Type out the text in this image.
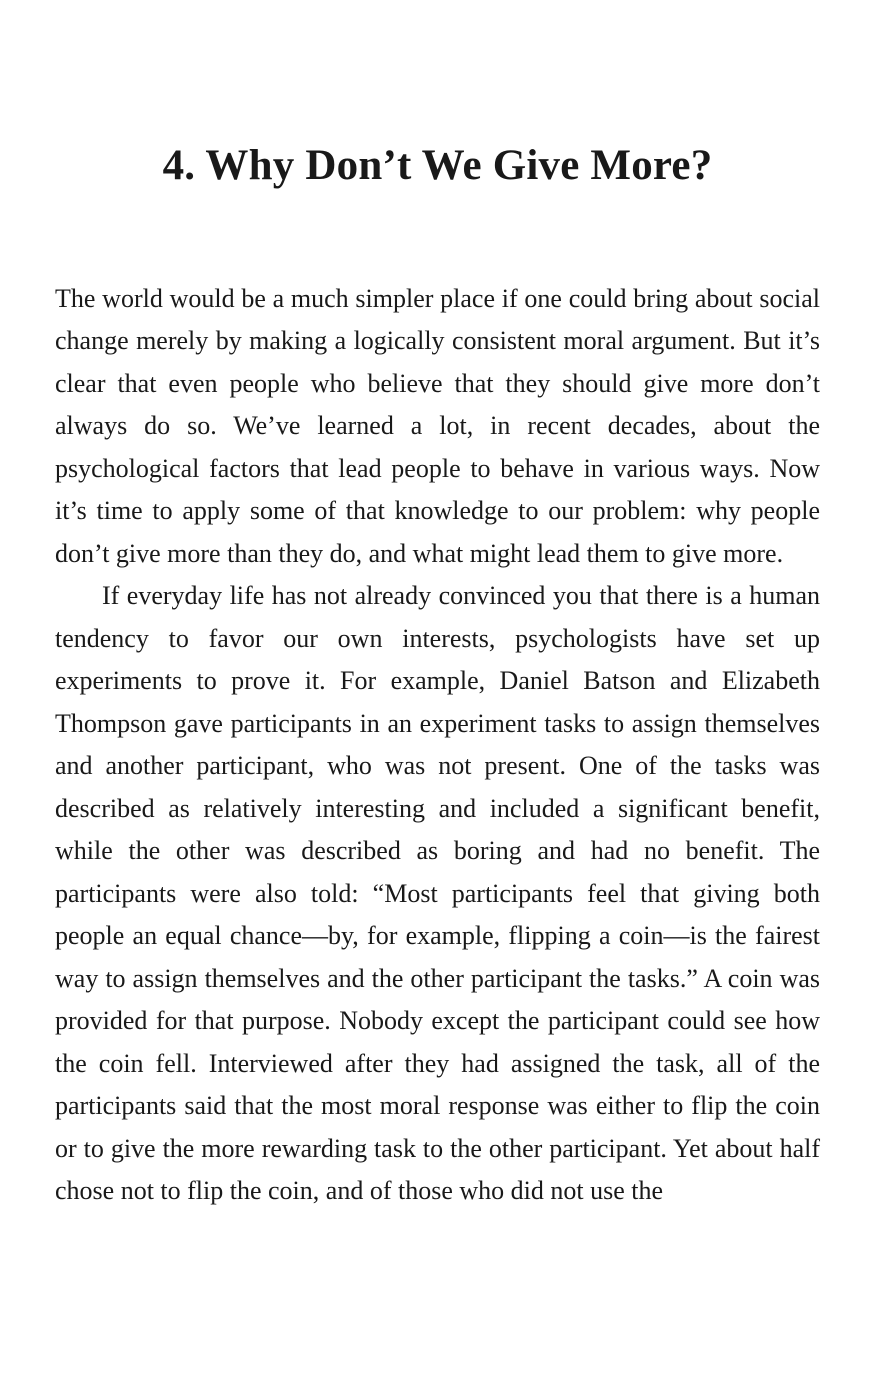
4. Why Don’t We Give More?

The world would be a much simpler place if one could bring about social change merely by making a logically consistent moral argument. But it’s clear that even people who believe that they should give more don’t always do so. We’ve learned a lot, in recent decades, about the psychological factors that lead people to behave in various ways. Now it’s time to apply some of that knowledge to our problem: why people don’t give more than they do, and what might lead them to give more.

If everyday life has not already convinced you that there is a human tendency to favor our own interests, psychologists have set up experiments to prove it. For example, Daniel Batson and Elizabeth Thompson gave participants in an experiment tasks to assign themselves and another participant, who was not present. One of the tasks was described as relatively interesting and included a significant benefit, while the other was described as boring and had no benefit. The participants were also told: “Most participants feel that giving both people an equal chance—by, for example, flipping a coin—is the fairest way to assign themselves and the other participant the tasks.” A coin was provided for that purpose. Nobody except the participant could see how the coin fell. Interviewed after they had assigned the task, all of the participants said that the most moral response was either to flip the coin or to give the more rewarding task to the other participant. Yet about half chose not to flip the coin, and of those who did not use the
